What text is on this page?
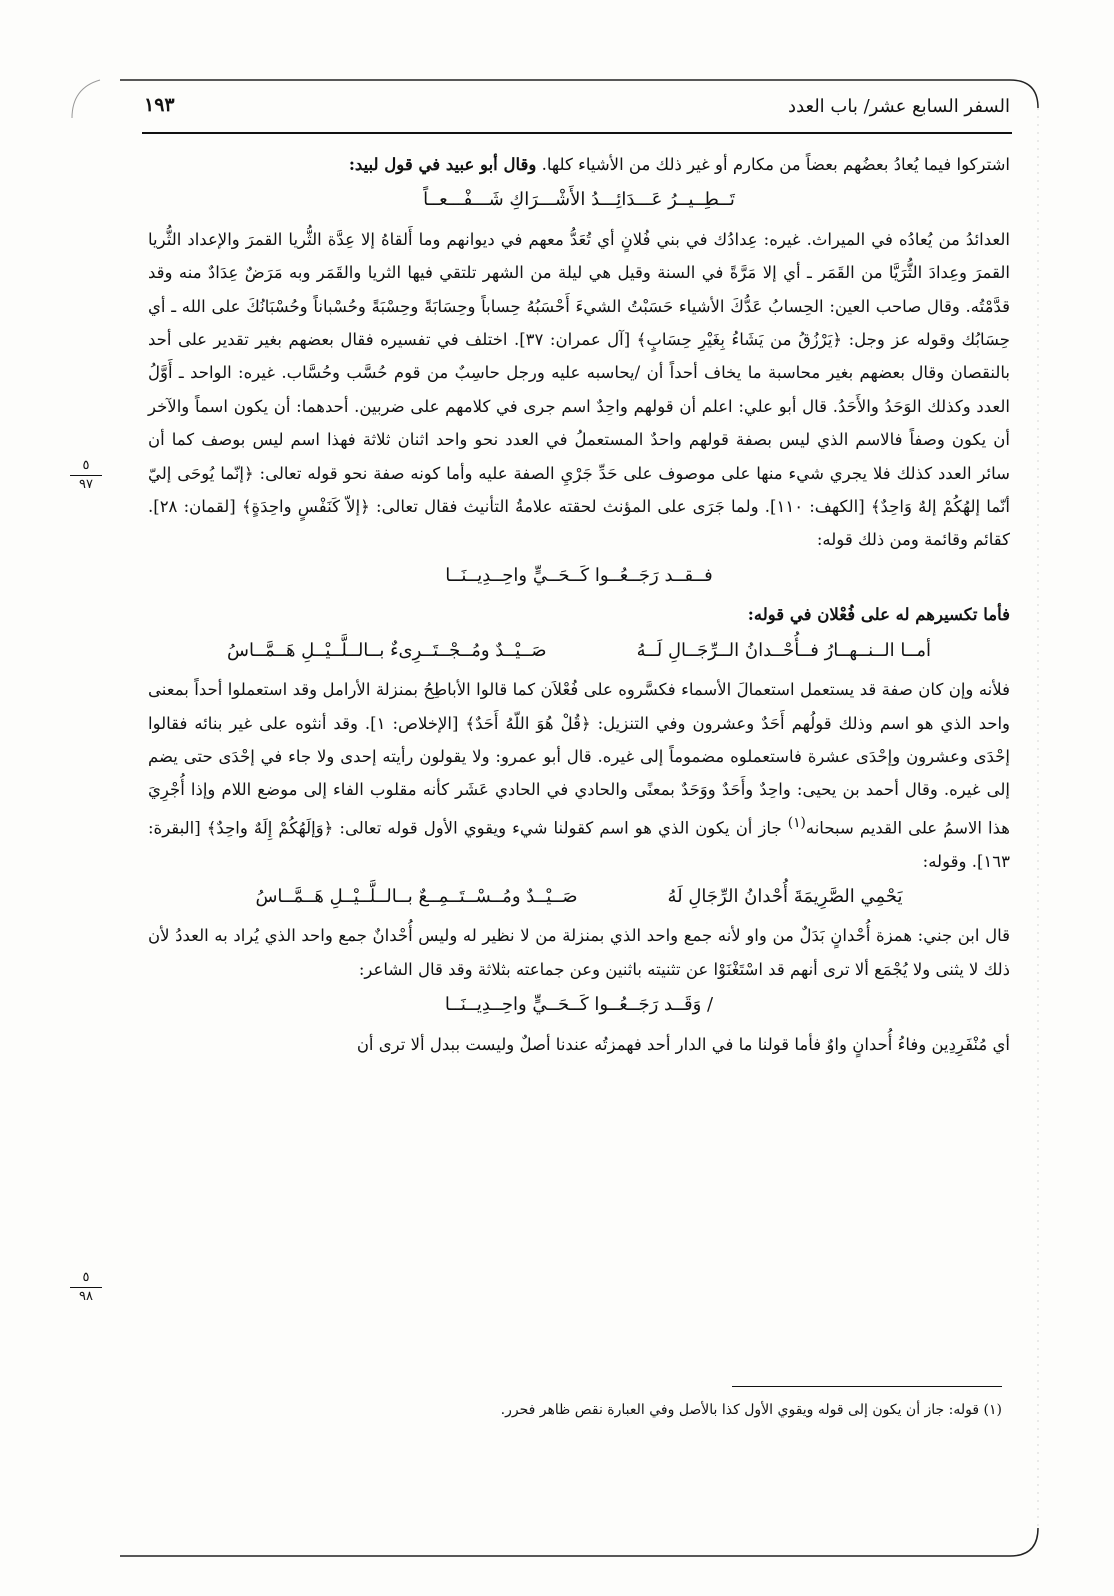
السفر السابع عشر/ باب العدد
١٩٣
٥
٩٧
٥
٩٨

اشتركوا فيما يُعادُ بعضُهم بعضاً من مكارم أو غير ذلك من الأشياء كلها. وقال أبو عبيد في قول لبيد:

تَــطِــيــرُ عَـــدَائِـــدُ الأَشْـــرَاكِ شَـــفْـــعــاً

العدائدُ من يُعادُه في الميراث. غيره: عِدادُك في بني فُلانٍ أي تُعَدُّ معهم في ديوانهم وما أَلقاهُ إلا عِدَّة الثُّريا القمرَ والإعداد الثُّريا القمرَ وعِدادَ الثُّرَيَّا من القَمَر ـ أي إلا مَرَّةً في السنة وقيل هي ليلة من الشهر تلتقي فيها الثريا والقَمَر وبه مَرَضٌ عِدَادٌ منه وقد قدَّمْتُه. وقال صاحب العين: الحِسابُ عَدُّكَ الأشياء حَسَبْتُ الشيءَ أَحْسَبُهُ حِساباً وحِسَابَةً وحِسْبَةً وحُسْباناً وحُسْبَانُكَ على الله ـ أي حِسَابُك وقوله عز وجل: ﴿يَرْزُقُ من يَشَاءُ بِغَيْرِ حِسَابٍ﴾ [آل عمران: ٣٧]. اختلف في تفسيره فقال بعضهم بغير تقدير على أحد بالنقصان وقال بعضهم بغير محاسبة ما يخاف أحداً أن /يحاسبه عليه ورجل حاسِبٌ من قوم حُسَّب وحُسَّاب. غيره: الواحد ـ أَوَّلُ العدد وكذلك الوَحَدُ والأَحَدُ. قال أبو علي: اعلم أن قولهم واحِدٌ اسم جرى في كلامهم على ضربين. أحدهما: أن يكون اسماً والآخر أن يكون وصفاً فالاسم الذي ليس بصفة قولهم واحدٌ المستعملُ في العدد نحو واحد اثنان ثلاثة فهذا اسم ليس بوصف كما أن سائر العدد كذلك فلا يجري شيء منها على موصوف على حَدِّ جَرْيِ الصفة عليه وأما كونه صفة نحو قوله تعالى: ﴿إنّما يُوحَى إليّ أنّما إلهُكُمْ إلهٌ وَاحِدٌ﴾ [الكهف: ١١٠]. ولما جَرَى على المؤنث لحقته علامةُ التأنيث فقال تعالى: ﴿إلاّ كَنَفْسٍ واحِدَةٍ﴾ [لقمان: ٢٨]. كقائم وقائمة ومن ذلك قوله:

فــقــد رَجَــعُــوا كَــحَــيٍّ واحِــدِيــنَــا

فأما تكسيرهم له على فُعْلان في قوله:

أمــا الــنــهــارُ فــأُحْــدانُ الــرِّجَــالِ لَــهُ
صَــيْــدٌ ومُــجْــتَــرِىءٌ بــالــلَّــيْــلِ هَــمَّــاسُ

فلأنه وإن كان صفة قد يستعمل استعمالَ الأسماء فكسَّروه على فُعْلاَن كما قالوا الأباطِحُ بمنزلة الأرامل وقد استعملوا أحداً بمعنى واحد الذي هو اسم وذلك قولُهم أَحَدٌ وعشرون وفي التنزيل: ﴿قُلْ هُوَ اللّهُ أَحَدٌ﴾ [الإخلاص: ١]. وقد أنثوه على غير بنائه فقالوا إحْدَى وعشرون وإحْدَى عشرة فاستعملوه مضموماً إلى غيره. قال أبو عمرو: ولا يقولون رأيته إحدى ولا جاء في إحْدَى حتى يضم إلى غيره. وقال أحمد بن يحيى: واحِدٌ وأَحَدٌ ووَحَدٌ بمعنًى والحادي في الحادي عَشَر كأنه مقلوب الفاء إلى موضع اللام وإذا أُجْرِيَ هذا الاسمُ على القديم سبحانه$^{(١)}$ جاز أن يكون الذي هو اسم كقولنا شيء ويقوي الأول قوله تعالى: ﴿وَإلَهُكُمْ إِلَهٌ واحِدٌ﴾ [البقرة: ١٦٣]. وقوله:

يَحْمِي الصَّرِيمَةَ أُحْدانُ الرِّجَالِ لَهُ
صَــيْــدٌ ومُــسْــتَــمِــعٌ بــالــلَّــيْــلِ هَــمَّــاسُ

قال ابن جني: همزة أُحْدانٍ بَدَلٌ من واو لأنه جمع واحد الذي بمنزلة من لا نظير له وليس أُحْدانٌ جمع واحد الذي يُراد به العددُ لأن ذلك لا يثنى ولا يُجْمَع ألا ترى أنهم قد اسْتَغْنَوْا عن تثنيته باثنين وعن جماعته بثلاثة وقد قال الشاعر:

/ وَقَــد رَجَــعُــوا كَــحَــيٍّ واحِــدِيــنَــا

أي مُنْفَرِدِين وفاءُ أُحدانٍ واوٌ فأما قولنا ما في الدار أحد فهمزتُه عندنا أصلٌ وليست ببدل ألا ترى أن

(١) قوله: جاز أن يكون إلى قوله ويقوي الأول كذا بالأصل وفي العبارة نقص ظاهر فحرر.
